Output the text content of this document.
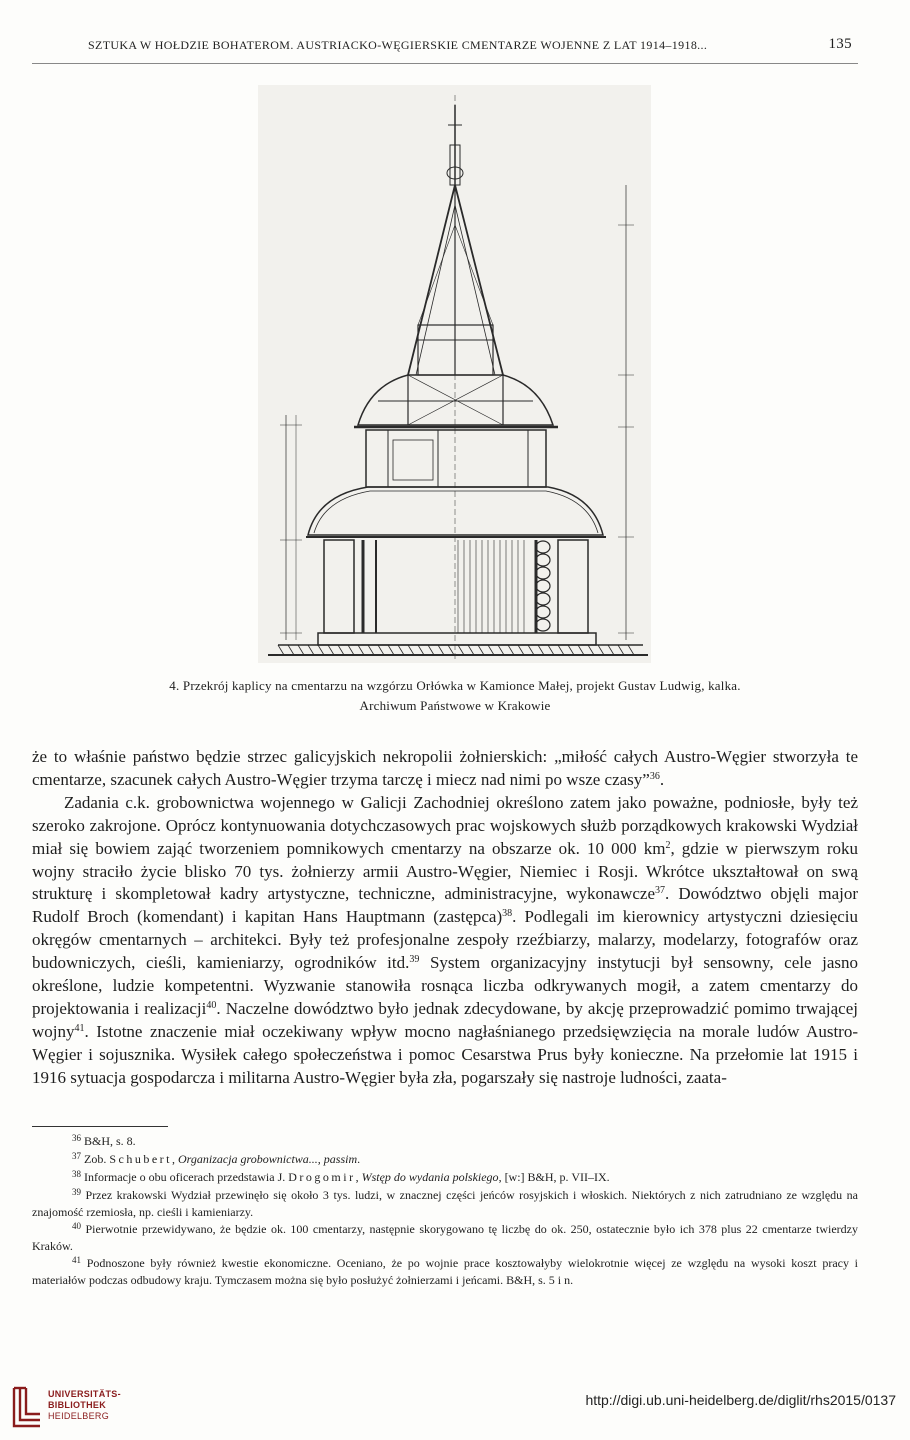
SZTUKA W HOŁDZIE BOHATEROM. AUSTRIACKO-WĘGIERSKIE CMENTARZE WOJENNE Z LAT 1914–1918...	135
4. Przekrój kaplicy na cmentarzu na wzgórzu Orłówka w Kamionce Małej, projekt Gustav Ludwig, kalka.
Archiwum Państwowe w Krakowie

że to właśnie państwo będzie strzec galicyjskich nekropolii żołnierskich: „miłość całych Austro-Węgier stworzyła te cmentarze, szacunek całych Austro-Węgier trzyma tarczę i miecz nad nimi po wsze czasy”$^{36}$.

Zadania c.k. grobownictwa wojennego w Galicji Zachodniej określono zatem jako poważne, podniosłe, były też szeroko zakrojone. Oprócz kontynuowania dotychczasowych prac wojskowych służb porządkowych krakowski Wydział miał się bowiem zająć tworzeniem pomnikowych cmentarzy na obszarze ok. 10 000 $km^2$, gdzie w pierwszym roku wojny straciło życie blisko 70 tys. żołnierzy armii Austro-Węgier, Niemiec i Rosji. Wkrótce ukształtował on swą strukturę i skompletował kadry artystyczne, techniczne, administracyjne, wykonawcze$^{37}$. Dowództwo objęli major Rudolf Broch (komendant) i kapitan Hans Hauptmann (zastępca)$^{38}$. Podlegali im kierownicy artystyczni dziesięciu okręgów cmentarnych – architekci. Były też profesjonalne zespoły rzeźbiarzy, malarzy, modelarzy, fotografów oraz budowniczych, cieśli, kamieniarzy, ogrodników itd.$^{39}$ System organizacyjny instytucji był sensowny, cele jasno określone, ludzie kompetentni. Wyzwanie stanowiła rosnąca liczba odkrywanych mogił, a zatem cmentarzy do projektowania i realizacji$^{40}$. Naczelne dowództwo było jednak zdecydowane, by akcję przeprowadzić pomimo trwającej wojny$^{41}$. Istotne znaczenie miał oczekiwany wpływ mocno nagłaśnianego przedsięwzięcia na morale ludów Austro-Węgier i sojusznika. Wysiłek całego społeczeństwa i pomoc Cesarstwa Prus były konieczne. Na przełomie lat 1915 i 1916 sytuacja gospodarcza i militarna Austro-Węgier była zła, pogarszały się nastroje ludności, zaata-

$^{36}$ B&H, s. 8.
$^{37}$ Zob. Schubert, Organizacja grobownictwa..., passim.
$^{38}$ Informacje o obu oficerach przedstawia J. Drogomir, Wstęp do wydania polskiego, [w:] B&H, p. VII–IX.
$^{39}$ Przez krakowski Wydział przewinęło się około 3 tys. ludzi, w znacznej części jeńców rosyjskich i włoskich. Niektórych z nich zatrudniano ze względu na znajomość rzemiosła, np. cieśli i kamieniarzy.
$^{40}$ Pierwotnie przewidywano, że będzie ok. 100 cmentarzy, następnie skorygowano tę liczbę do ok. 250, ostatecznie było ich 378 plus 22 cmentarze twierdzy Kraków.
$^{41}$ Podnoszone były również kwestie ekonomiczne. Oceniano, że po wojnie prace kosztowałyby wielokrotnie więcej ze względu na wysoki koszt pracy i materiałów podczas odbudowy kraju. Tymczasem można się było posłużyć żołnierzami i jeńcami. B&H, s. 5 i n.
UNIVERSITÄTS-
BIBLIOTHEK
HEIDELBERG
http://digi.ub.uni-heidelberg.de/diglit/rhs2015/0137
